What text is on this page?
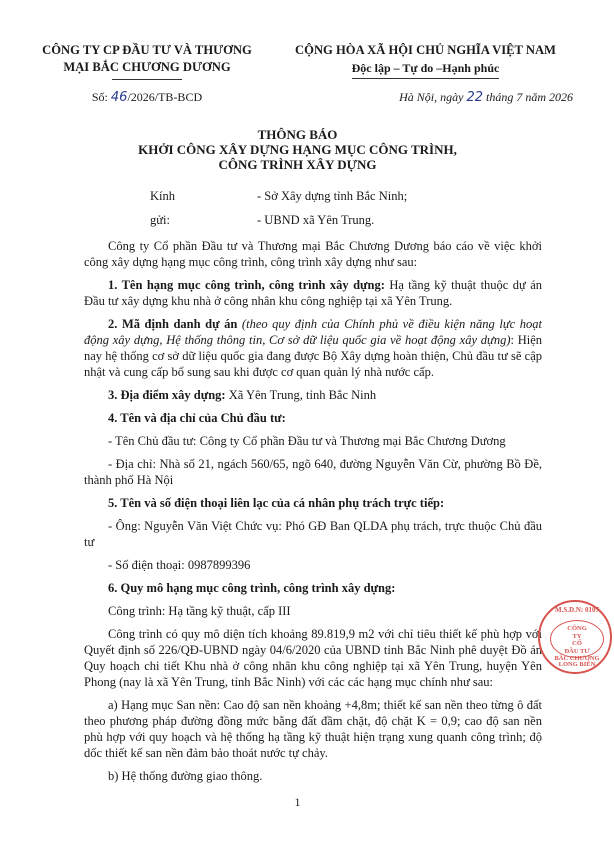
CÔNG TY CP ĐẦU TƯ VÀ THƯƠNG
MẠI BẮC CHƯƠNG DƯƠNG
CỘNG HÒA XÃ HỘI CHỦ NGHĨA VIỆT NAM
Độc lập – Tự do –Hạnh phúc
Số: 46/2026/TB-BCD	Hà Nội, ngày 22 tháng 7 năm 2026
THÔNG BÁO
KHỞI CÔNG XÂY DỰNG HẠNG MỤC CÔNG TRÌNH,
CÔNG TRÌNH XÂY DỰNG
Kính gửi:
- Sở Xây dựng tỉnh Bắc Ninh;
- UBND xã Yên Trung.

Công ty Cổ phần Đầu tư và Thương mại Bắc Chương Dương báo cáo về việc khởi công xây dựng hạng mục công trình, công trình xây dựng như sau:

1. Tên hạng mục công trình, công trình xây dựng: Hạ tầng kỹ thuật thuộc dự án Đầu tư xây dựng khu nhà ở công nhân khu công nghiệp tại xã Yên Trung.

2. Mã định danh dự án (theo quy định của Chính phủ về điều kiện năng lực hoạt động xây dựng, Hệ thống thông tin, Cơ sở dữ liệu quốc gia về hoạt động xây dựng): Hiện nay hệ thống cơ sở dữ liệu quốc gia đang được Bộ Xây dựng hoàn thiện, Chủ đầu tư sẽ cập nhật và cung cấp bổ sung sau khi được cơ quan quản lý nhà nước cấp.

3. Địa điểm xây dựng: Xã Yên Trung, tỉnh Bắc Ninh

4. Tên và địa chỉ của Chủ đầu tư:

- Tên Chủ đầu tư: Công ty Cổ phần Đầu tư và Thương mại Bắc Chương Dương

- Địa chỉ: Nhà số 21, ngách 560/65, ngõ 640, đường Nguyễn Văn Cừ, phường Bồ Đề, thành phố Hà Nội

5. Tên và số điện thoại liên lạc của cá nhân phụ trách trực tiếp:

- Ông: Nguyễn Văn Việt Chức vụ: Phó GĐ Ban QLDA phụ trách, trực thuộc Chủ đầu tư

- Số điện thoại: 0987899396

6. Quy mô hạng mục công trình, công trình xây dựng:

Công trình: Hạ tầng kỹ thuật, cấp III

Công trình có quy mô diện tích khoảng 89.819,9 m2 với chỉ tiêu thiết kế phù hợp với Quyết định số 226/QĐ-UBND ngày 04/6/2020 của UBND tỉnh Bắc Ninh phê duyệt Đồ án Quy hoạch chi tiết Khu nhà ở công nhân khu công nghiệp tại xã Yên Trung, huyện Yên Phong (nay là xã Yên Trung, tỉnh Bắc Ninh) với các các hạng mục chính như sau:

a) Hạng mục San nền: Cao độ san nền khoảng +4,8m; thiết kế san nền theo từng ô đất theo phương pháp đường đồng mức bằng đất đầm chặt, độ chặt K = 0,9; cao độ san nền phù hợp với quy hoạch và hệ thống hạ tầng kỹ thuật hiện trạng xung quanh công trình; độ dốc thiết kế san nền đảm bảo thoát nước tự chảy.

b) Hệ thống đường giao thông.

M.S.D.N: 0107
CÔNG
TY
CỔ
ĐẦU TƯ
BẮC CHƯƠNG
LONG BIÊN
1
